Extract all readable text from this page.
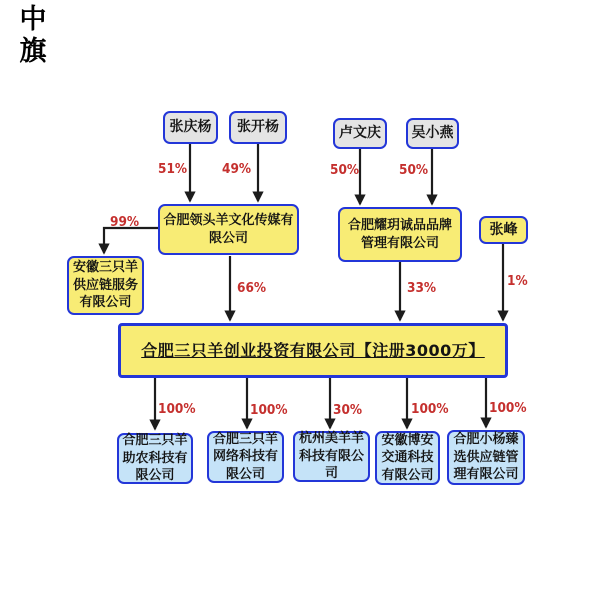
中
旗
张庆杨	张开杨	卢文庆	吴小燕
张峰
合肥领头羊文化传媒有限公司
合肥耀玥诚品品牌管理有限公司
安徽三只羊供应链服务有限公司
合肥三只羊创业投资有限公司【注册3000万】
合肥三只羊助农科技有限公司
合肥三只羊网络科技有限公司
杭州美羊羊科技有限公司
安徽博安交通科技有限公司
合肥小杨臻选供应链管理有限公司
51%	49%	50%	50%
99%
66%	33%	1%
100%	100%	30%	100%	100%
